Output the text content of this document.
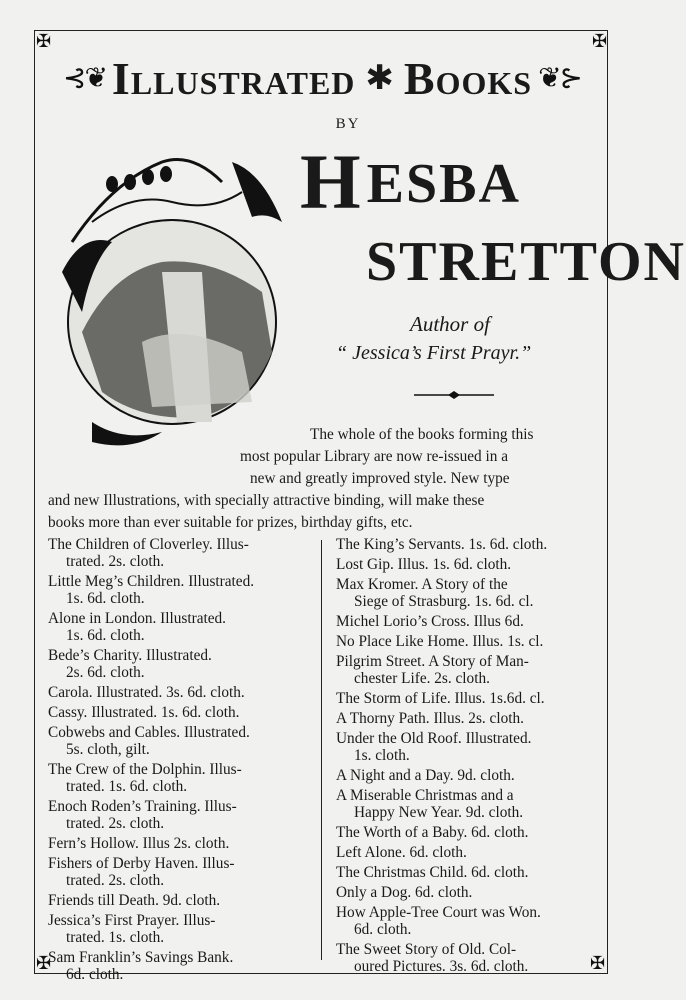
✠	✠
✠	✠
⊰❦ Illustrated ✱ Books ❦⊱
BY
HESBA
STRETTON
Author of
“ Jessica’s First Prayr.”
The whole of the books forming this
most popular Library are now re-issued in a
new and greatly improved style. New type
and new Illustrations, with specially attractive binding, will make these
books more than ever suitable for prizes, birthday gifts, etc.
The Children of Cloverley. Illus-
trated. 2s. cloth.
Little Meg’s Children. Illustrated.
1s. 6d. cloth.
Alone in London. Illustrated.
1s. 6d. cloth.
Bede’s Charity. Illustrated.
2s. 6d. cloth.
Carola. Illustrated. 3s. 6d. cloth.
Cassy. Illustrated. 1s. 6d. cloth.
Cobwebs and Cables. Illustrated.
5s. cloth, gilt.
The Crew of the Dolphin. Illus-
trated. 1s. 6d. cloth.
Enoch Roden’s Training. Illus-
trated. 2s. cloth.
Fern’s Hollow. Illus 2s. cloth.
Fishers of Derby Haven. Illus-
trated. 2s. cloth.
Friends till Death. 9d. cloth.
Jessica’s First Prayer. Illus-
trated. 1s. cloth.
Sam Franklin’s Savings Bank.
6d. cloth.
The King’s Servants. 1s. 6d. cloth.
Lost Gip. Illus. 1s. 6d. cloth.
Max Kromer. A Story of the
Siege of Strasburg. 1s. 6d. cl.
Michel Lorio’s Cross. Illus 6d.
No Place Like Home. Illus. 1s. cl.
Pilgrim Street. A Story of Man-
chester Life. 2s. cloth.
The Storm of Life. Illus. 1s.6d. cl.
A Thorny Path. Illus. 2s. cloth.
Under the Old Roof. Illustrated.
1s. cloth.
A Night and a Day. 9d. cloth.
A Miserable Christmas and a
Happy New Year. 9d. cloth.
The Worth of a Baby. 6d. cloth.
Left Alone. 6d. cloth.
The Christmas Child. 6d. cloth.
Only a Dog. 6d. cloth.
How Apple-Tree Court was Won.
6d. cloth.
The Sweet Story of Old. Col-
oured Pictures. 3s. 6d. cloth.
